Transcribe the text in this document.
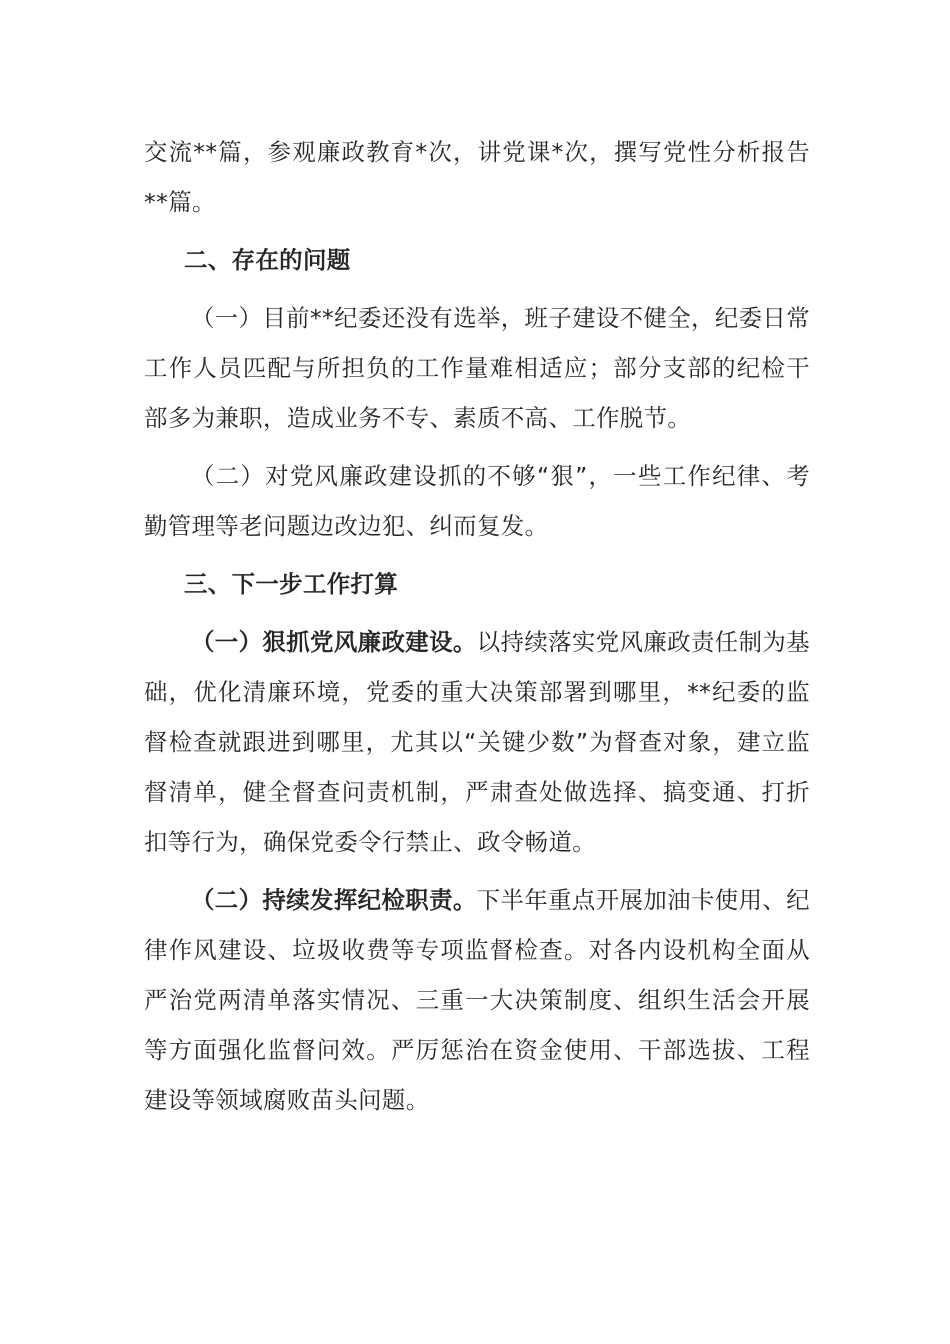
交流**篇，参观廉政教育*次，讲党课*次，撰写党性分析报告**篇。

二、存在的问题

（一）目前**纪委还没有选举，班子建设不健全，纪委日常工作人员匹配与所担负的工作量难相适应；部分支部的纪检干部多为兼职，造成业务不专、素质不高、工作脱节。

（二）对党风廉政建设抓的不够“狠”，一些工作纪律、考勤管理等老问题边改边犯、纠而复发。

三、下一步工作打算

（一）狠抓党风廉政建设。以持续落实党风廉政责任制为基础，优化清廉环境，党委的重大决策部署到哪里，**纪委的监督检查就跟进到哪里，尤其以“关键少数”为督查对象，建立监督清单，健全督查问责机制，严肃查处做选择、搞变通、打折扣等行为，确保党委令行禁止、政令畅道。

（二）持续发挥纪检职责。下半年重点开展加油卡使用、纪律作风建设、垃圾收费等专项监督检查。对各内设机构全面从严治党两清单落实情况、三重一大决策制度、组织生活会开展等方面强化监督问效。严厉惩治在资金使用、干部选拔、工程建设等领域腐败苗头问题。
